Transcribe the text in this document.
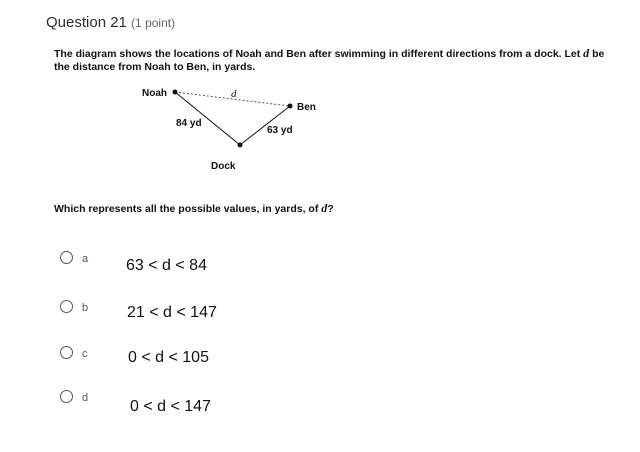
Question 21 (1 point)
The diagram shows the locations of Noah and Ben after swimming in different directions from a dock. Let d be the distance from Noah to Ben, in yards.
Noah
Ben
Dock
d
84 yd
63 yd
Which represents all the possible values, in yards, of d?
a 63 < d < 84
b 21 < d < 147
c	0 < d < 105
d	0 < d < 147
